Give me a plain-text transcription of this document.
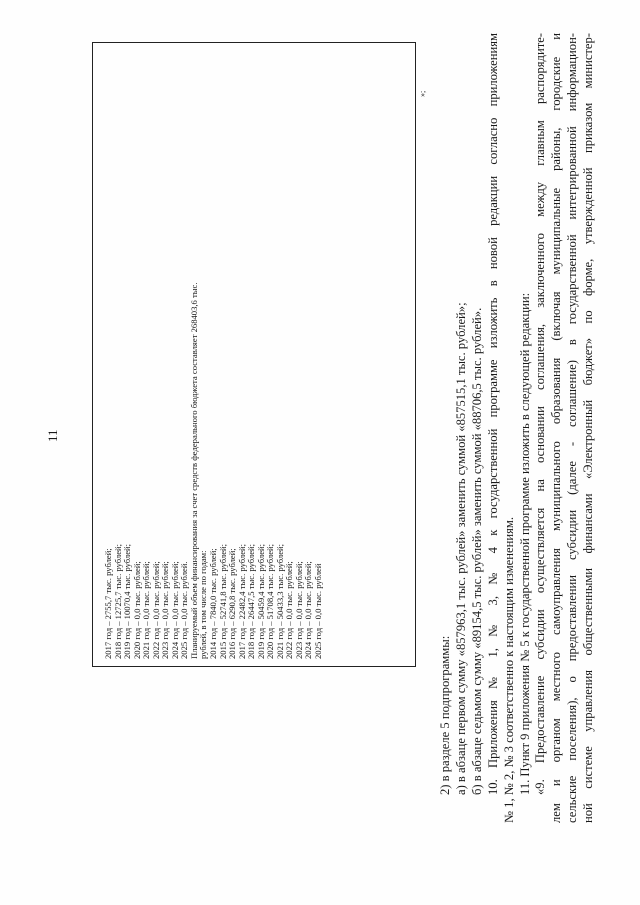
11
2017 год – 2755,7 тыс. рублей; 2018 год – 12725,7 тыс. рублей; 2019 год – 10070,4 тыс. рублей; 2020 год – 0,0 тыс. рублей; 2021 год – 0,0 тыс. рублей; 2022 год – 0,0 тыс. рублей; 2023 год – 0,0 тыс. рублей; 2024 год – 0,0 тыс. рублей; 2025 год – 0,0 тыс. рублей. Планируемый объем финансирования за счет средств федерального бюджета составляет 268403,6 тыс. рублей, в том числе по годам: 2014 год – 7840,0 тыс. рублей; 2015 год – 52741,8 тыс. рублей; 2016 год – 6290,8 тыс. рублей; 2017 год – 22482,4 тыс. рублей; 2018 год – 26447,5 тыс. рублей; 2019 год – 50459,4 тыс. рублей; 2020 год – 51708,4 тыс. рублей; 2021 год – 50433,3 тыс. рублей; 2022 год – 0,0 тыс. рублей; 2023 год – 0,0 тыс. рублей; 2024 год – 0,0 тыс. рублей; 2025 год – 0,0 тыс. рублей
»;
2) в разделе 5 подпрограммы: а) в абзаце первом сумму «857963,1 тыс. рублей» заменить суммой «857515,1 тыс. рублей»; б) в абзаце седьмом сумму «89154,5 тыс. рублей» заменить суммой «88706,5 тыс. рублей». 10. Приложения № 1, № 3, № 4 к государственной программе изложить в новой редакции согласно приложениям № 1, № 2, № 3 соответственно к настоящим изменениям. 11. Пункт 9 приложения № 5 к государственной программе изложить в следующей редакции: «9. Предоставление субсидии осуществляется на основании соглашения, заключенного между главным распорядите- лем и органом местного самоуправления муниципального образования (включая муниципальные районы, городские и сельские поселения), о предоставлении субсидии (далее - соглашение) в государственной интегрированной информацион- ной системе управления общественными финансами «Электронный бюджет» по форме, утвержденной приказом министер-
